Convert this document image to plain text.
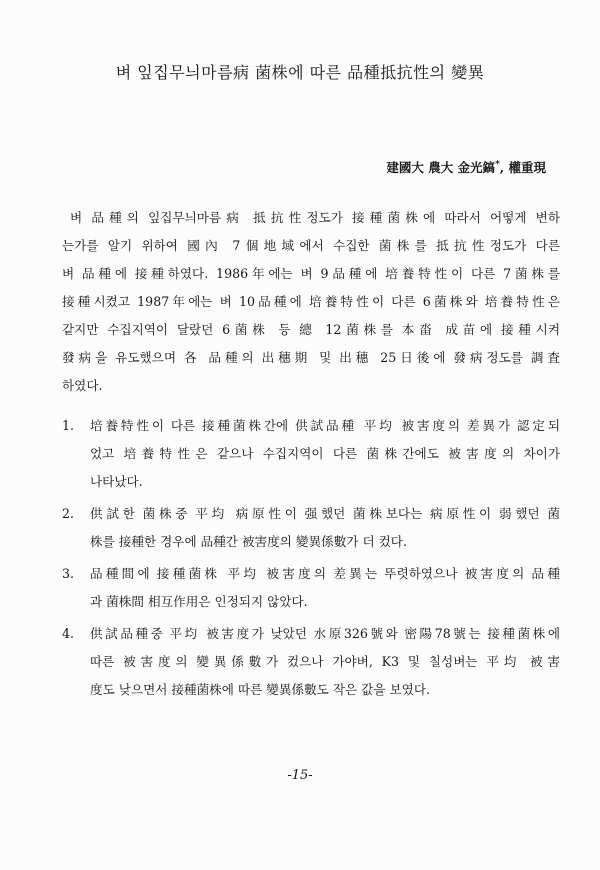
벼 잎집무늬마름病 菌株에 따른 品種抵抗性의 變異
建國大 農大 金光鎬*, 權重現
벼 品種의 잎집무늬마름病 抵抗性정도가 接種菌株에 따라서 어떻게 변하
는가를 알기 위하여 國內 7個地域에서 수집한 菌株를 抵抗性정도가 다른
벼 品種에 接種하였다. 1986年에는 벼 9品種에 培養特性이 다른 7菌株를
接種시켰고 1987年에는 벼 10品種에 培養特性이 다른 6菌株와 培養特性은
같지만 수집지역이 달랐던 6菌株 등 總 12菌株를 本畓 成苗에 接種시켜
發病을 유도했으며 各 品種의 出穗期 및 出穗 25日後에 發病정도를 調査
하였다.
1. 培養特性이 다른 接種菌株간에 供試品種 平均 被害度의 差異가 認定되
었고 培養特性은 같으나 수집지역이 다른 菌株간에도 被害度의 차이가
나타났다.
2. 供試한 菌株중 平均 病原性이 强했던 菌株보다는 病原性이 弱했던 菌
株를 接種한 경우에 品種간 被害度의 變異係數가 더 컸다.
3. 品種間에 接種菌株 平均 被害度의 差異는 뚜렷하였으나 被害度의 品種
과 菌株間 相互作用은 인정되지 않았다.
4. 供試品種중 平均 被害度가 낮았던 水原326號와 密陽78號는 接種菌株에
따른 被害度의 變異係數가 컸으나 가야벼, K3 및 칠성벼는 平均 被害
度도 낮으면서 接種菌株에 따른 變異係數도 작은 값을 보였다.
-15-
